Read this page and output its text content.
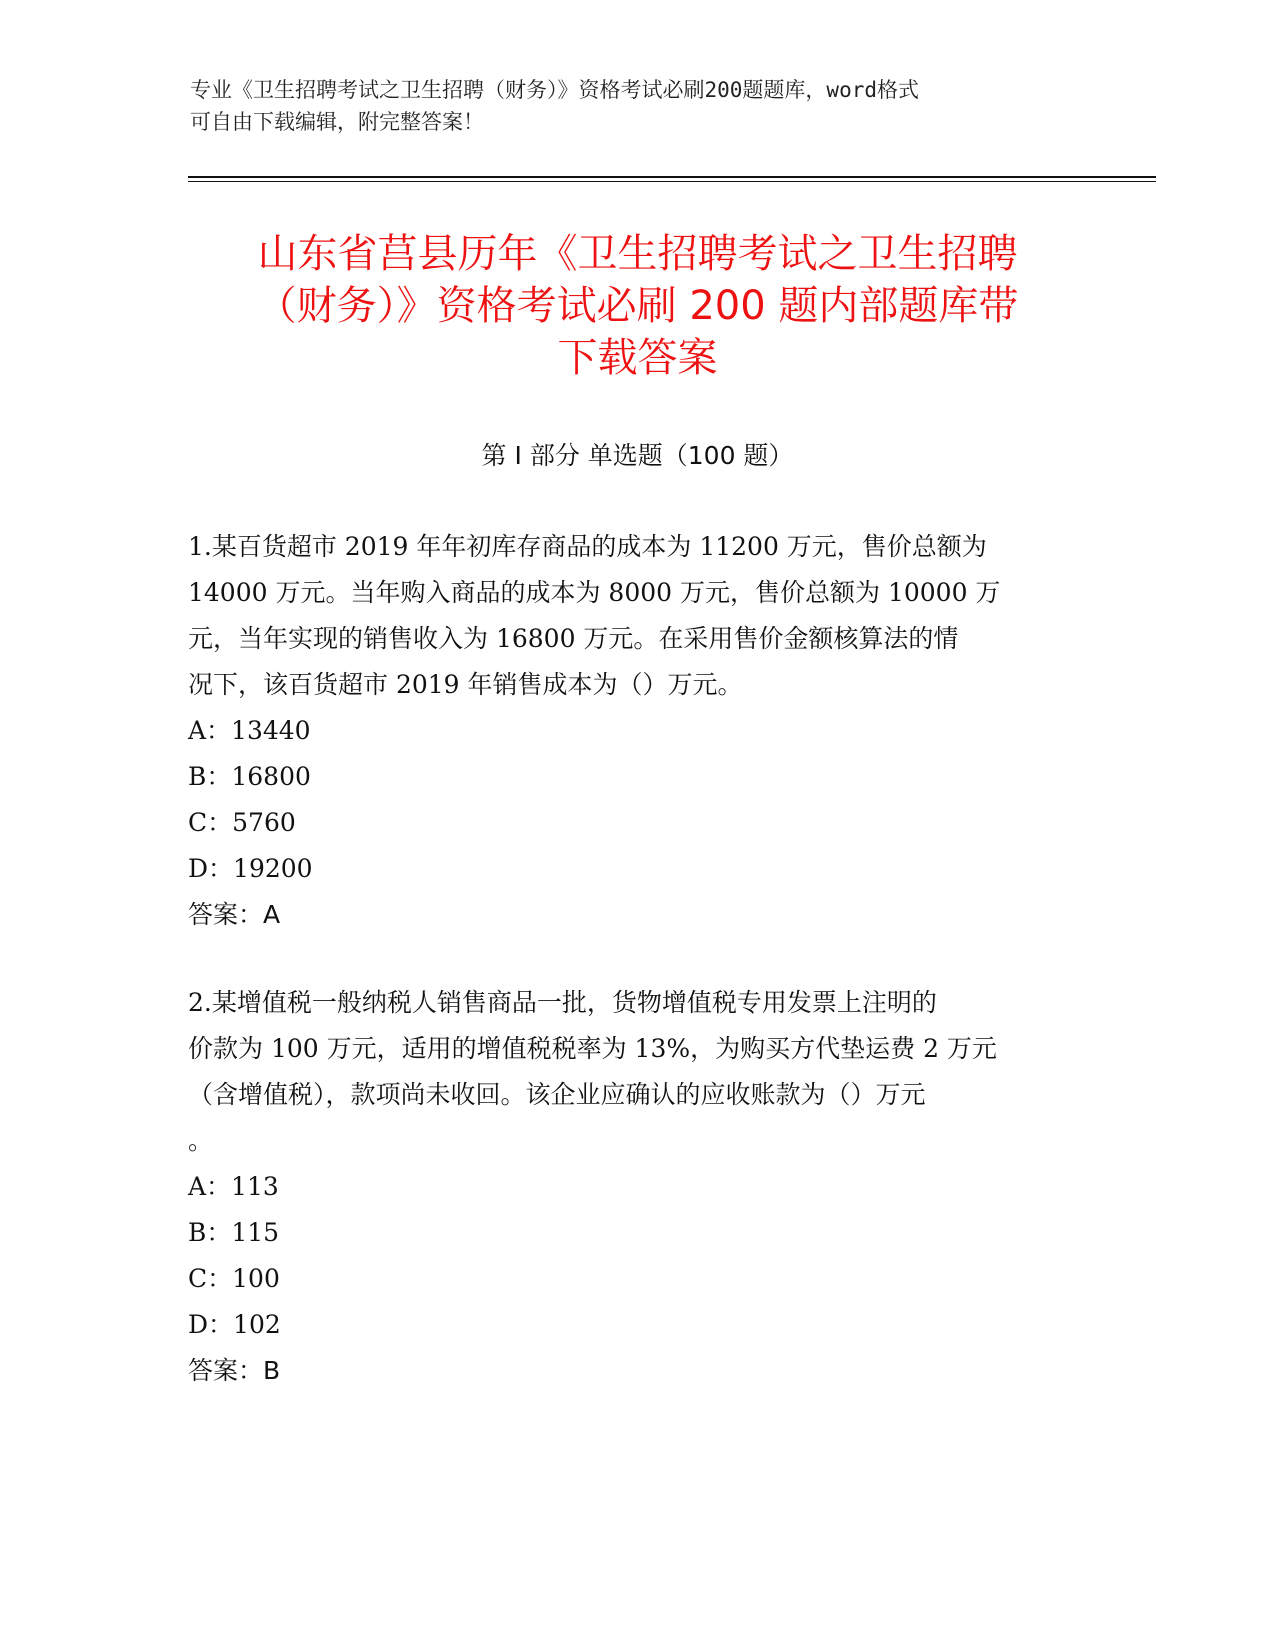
专业《卫生招聘考试之卫生招聘（财务）》资格考试必刷200题题库，word格式
可自由下载编辑，附完整答案！
山东省莒县历年《卫生招聘考试之卫生招聘
（财务）》资格考试必刷 200 题内部题库带
下载答案
第 I 部分 单选题（100 题）
1.某百货超市 2019 年年初库存商品的成本为 11200 万元，售价总额为
14000 万元。当年购入商品的成本为 8000 万元，售价总额为 10000 万
元，当年实现的销售收入为 16800 万元。在采用售价金额核算法的情
况下，该百货超市 2019 年销售成本为（）万元。
A：13440
B：16800
C：5760
D：19200
答案：A
2.某增值税一般纳税人销售商品一批，货物增值税专用发票上注明的
价款为 100 万元，适用的增值税税率为 13%，为购买方代垫运费 2 万元
（含增值税），款项尚未收回。该企业应确认的应收账款为（）万元
。
A：113
B：115
C：100
D：102
答案：B
